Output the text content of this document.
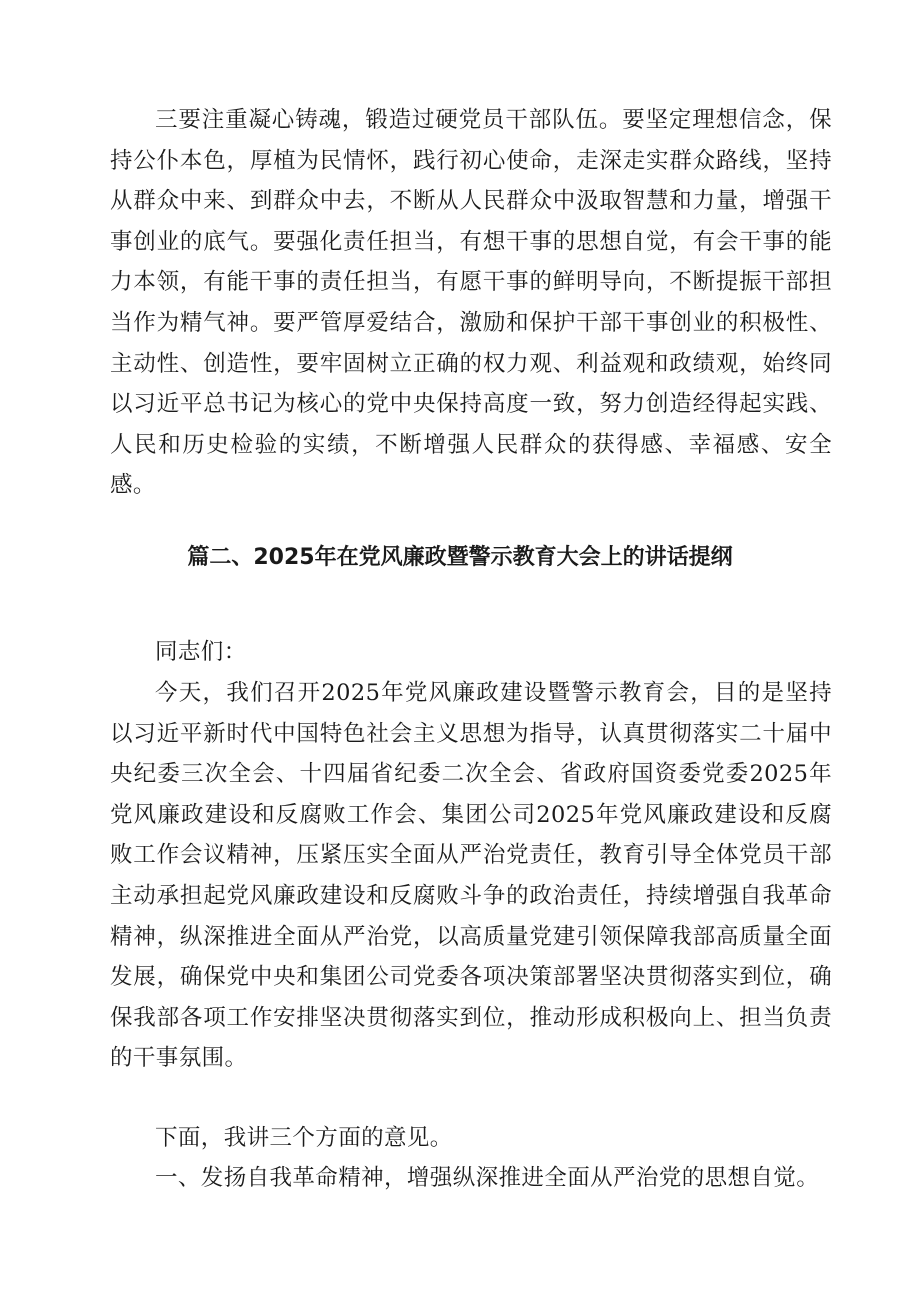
三要注重凝心铸魂，锻造过硬党员干部队伍。要坚定理想信念，保持公仆本色，厚植为民情怀，践行初心使命，走深走实群众路线，坚持从群众中来、到群众中去，不断从人民群众中汲取智慧和力量，增强干事创业的底气。要强化责任担当，有想干事的思想自觉，有会干事的能力本领，有能干事的责任担当，有愿干事的鲜明导向，不断提振干部担当作为精气神。要严管厚爱结合，激励和保护干部干事创业的积极性、主动性、创造性，要牢固树立正确的权力观、利益观和政绩观，始终同以习近平总书记为核心的党中央保持高度一致，努力创造经得起实践、人民和历史检验的实绩，不断增强人民群众的获得感、幸福感、安全感。

篇二、2025年在党风廉政暨警示教育大会上的讲话提纲

同志们：

今天，我们召开2025年党风廉政建设暨警示教育会，目的是坚持以习近平新时代中国特色社会主义思想为指导，认真贯彻落实二十届中央纪委三次全会、十四届省纪委二次全会、省政府国资委党委2025年党风廉政建设和反腐败工作会、集团公司2025年党风廉政建设和反腐败工作会议精神，压紧压实全面从严治党责任，教育引导全体党员干部主动承担起党风廉政建设和反腐败斗争的政治责任，持续增强自我革命精神，纵深推进全面从严治党，以高质量党建引领保障我部高质量全面发展，确保党中央和集团公司党委各项决策部署坚决贯彻落实到位，确保我部各项工作安排坚决贯彻落实到位，推动形成积极向上、担当负责的干事氛围。

下面，我讲三个方面的意见。

一、发扬自我革命精神，增强纵深推进全面从严治党的思想自觉。
